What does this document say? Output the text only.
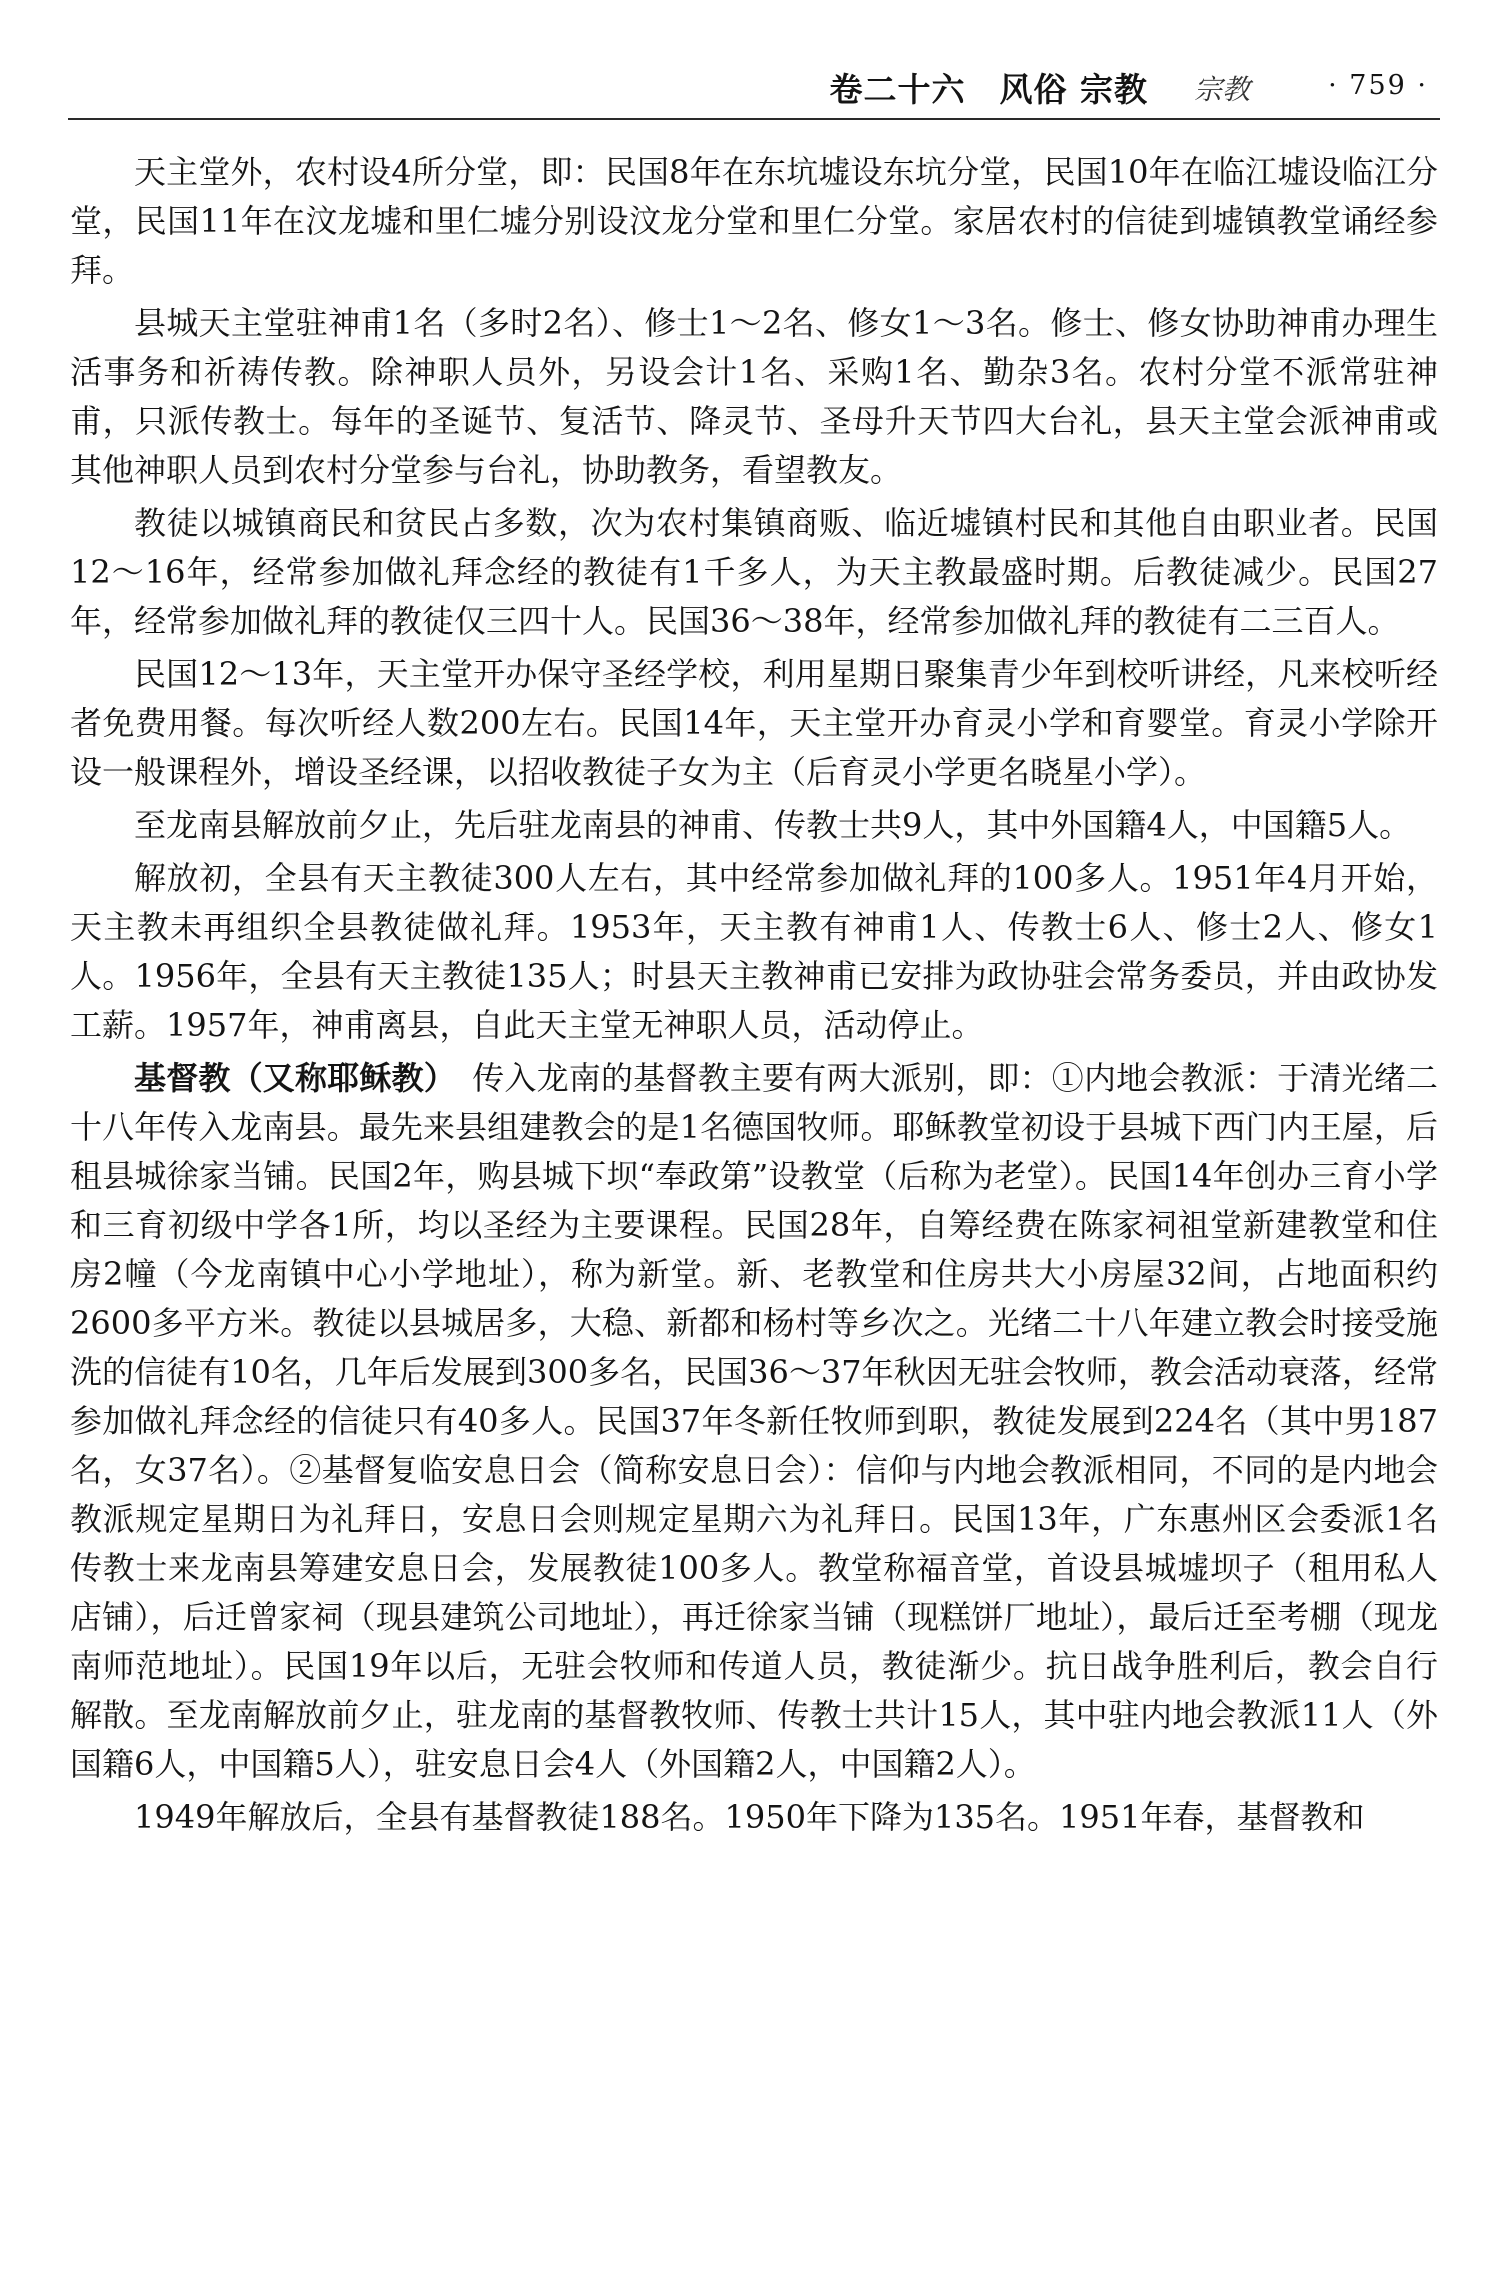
卷二十六　风俗 宗教 宗教	· 759 ·

天主堂外，农村设4所分堂，即：民国8年在东坑墟设东坑分堂，民国10年在临江墟设临江分堂，民国11年在汶龙墟和里仁墟分别设汶龙分堂和里仁分堂。家居农村的信徒到墟镇教堂诵经参拜。

县城天主堂驻神甫1名（多时2名）、修士1～2名、修女1～3名。修士、修女协助神甫办理生活事务和祈祷传教。除神职人员外，另设会计1名、采购1名、勤杂3名。农村分堂不派常驻神甫，只派传教士。每年的圣诞节、复活节、降灵节、圣母升天节四大台礼，县天主堂会派神甫或其他神职人员到农村分堂参与台礼，协助教务，看望教友。

教徒以城镇商民和贫民占多数，次为农村集镇商贩、临近墟镇村民和其他自由职业者。民国12～16年，经常参加做礼拜念经的教徒有1千多人，为天主教最盛时期。后教徒减少。民国27年，经常参加做礼拜的教徒仅三四十人。民国36～38年，经常参加做礼拜的教徒有二三百人。

民国12～13年，天主堂开办保守圣经学校，利用星期日聚集青少年到校听讲经，凡来校听经者免费用餐。每次听经人数200左右。民国14年，天主堂开办育灵小学和育婴堂。育灵小学除开设一般课程外，增设圣经课，以招收教徒子女为主（后育灵小学更名晓星小学）。

至龙南县解放前夕止，先后驻龙南县的神甫、传教士共9人，其中外国籍4人，中国籍5人。

解放初，全县有天主教徒300人左右，其中经常参加做礼拜的100多人。1951年4月开始，天主教未再组织全县教徒做礼拜。1953年，天主教有神甫1人、传教士6人、修士2人、修女1人。1956年，全县有天主教徒135人；时县天主教神甫已安排为政协驻会常务委员，并由政协发工薪。1957年，神甫离县，自此天主堂无神职人员，活动停止。

基督教（又称耶稣教）　传入龙南的基督教主要有两大派别，即：①内地会教派：于清光绪二十八年传入龙南县。最先来县组建教会的是1名德国牧师。耶稣教堂初设于县城下西门内王屋，后租县城徐家当铺。民国2年，购县城下坝“奉政第”设教堂（后称为老堂）。民国14年创办三育小学和三育初级中学各1所，均以圣经为主要课程。民国28年，自筹经费在陈家祠祖堂新建教堂和住房2幢（今龙南镇中心小学地址），称为新堂。新、老教堂和住房共大小房屋32间，占地面积约2600多平方米。教徒以县城居多，大稳、新都和杨村等乡次之。光绪二十八年建立教会时接受施洗的信徒有10名，几年后发展到300多名，民国36～37年秋因无驻会牧师，教会活动衰落，经常参加做礼拜念经的信徒只有40多人。民国37年冬新任牧师到职，教徒发展到224名（其中男187名，女37名）。②基督复临安息日会（简称安息日会）：信仰与内地会教派相同，不同的是内地会教派规定星期日为礼拜日，安息日会则规定星期六为礼拜日。民国13年，广东惠州区会委派1名传教士来龙南县筹建安息日会，发展教徒100多人。教堂称福音堂，首设县城墟坝子（租用私人店铺），后迁曾家祠（现县建筑公司地址），再迁徐家当铺（现糕饼厂地址），最后迁至考棚（现龙南师范地址）。民国19年以后，无驻会牧师和传道人员，教徒渐少。抗日战争胜利后，教会自行解散。至龙南解放前夕止，驻龙南的基督教牧师、传教士共计15人，其中驻内地会教派11人（外国籍6人，中国籍5人），驻安息日会4人（外国籍2人，中国籍2人）。

1949年解放后，全县有基督教徒188名。1950年下降为135名。1951年春，基督教和
